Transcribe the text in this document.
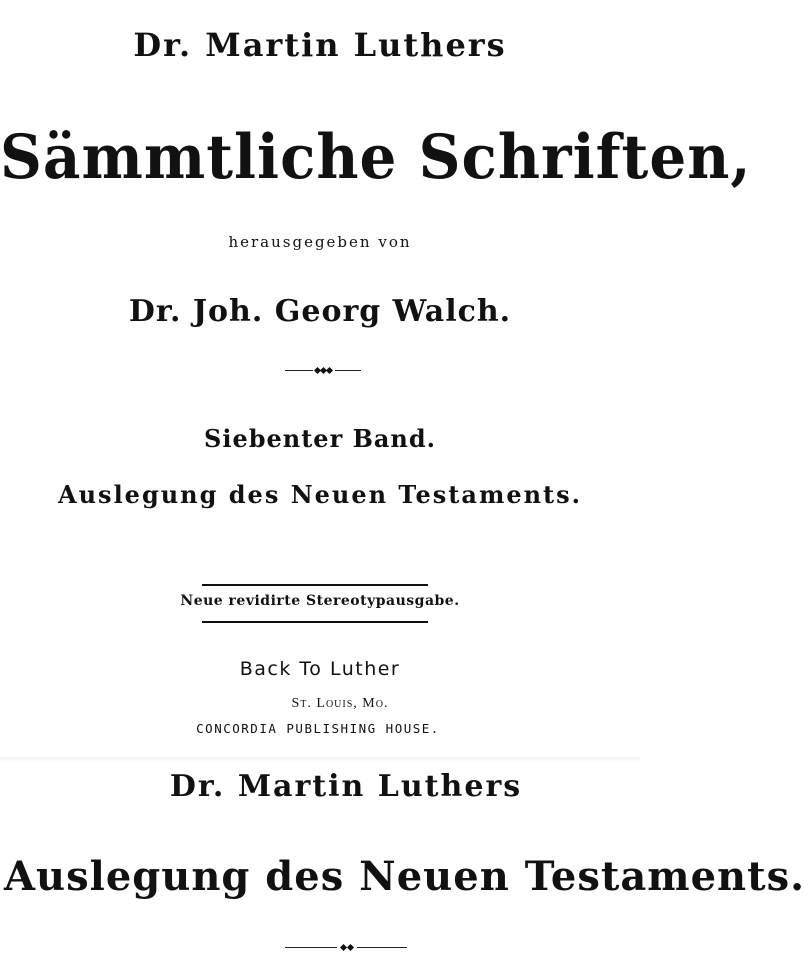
Dr. Martin Luthers
Sämmtliche Schriften,
herausgegeben von
Dr. Joh. Georg Walch.
Siebenter Band.
Auslegung des Neuen Testaments.
Neue revidirte Stereotypausgabe.
Back To Luther
St. Louis, Mo.
CONCORDIA PUBLISHING HOUSE.
Dr. Martin Luthers
Auslegung des Neuen Testaments.
